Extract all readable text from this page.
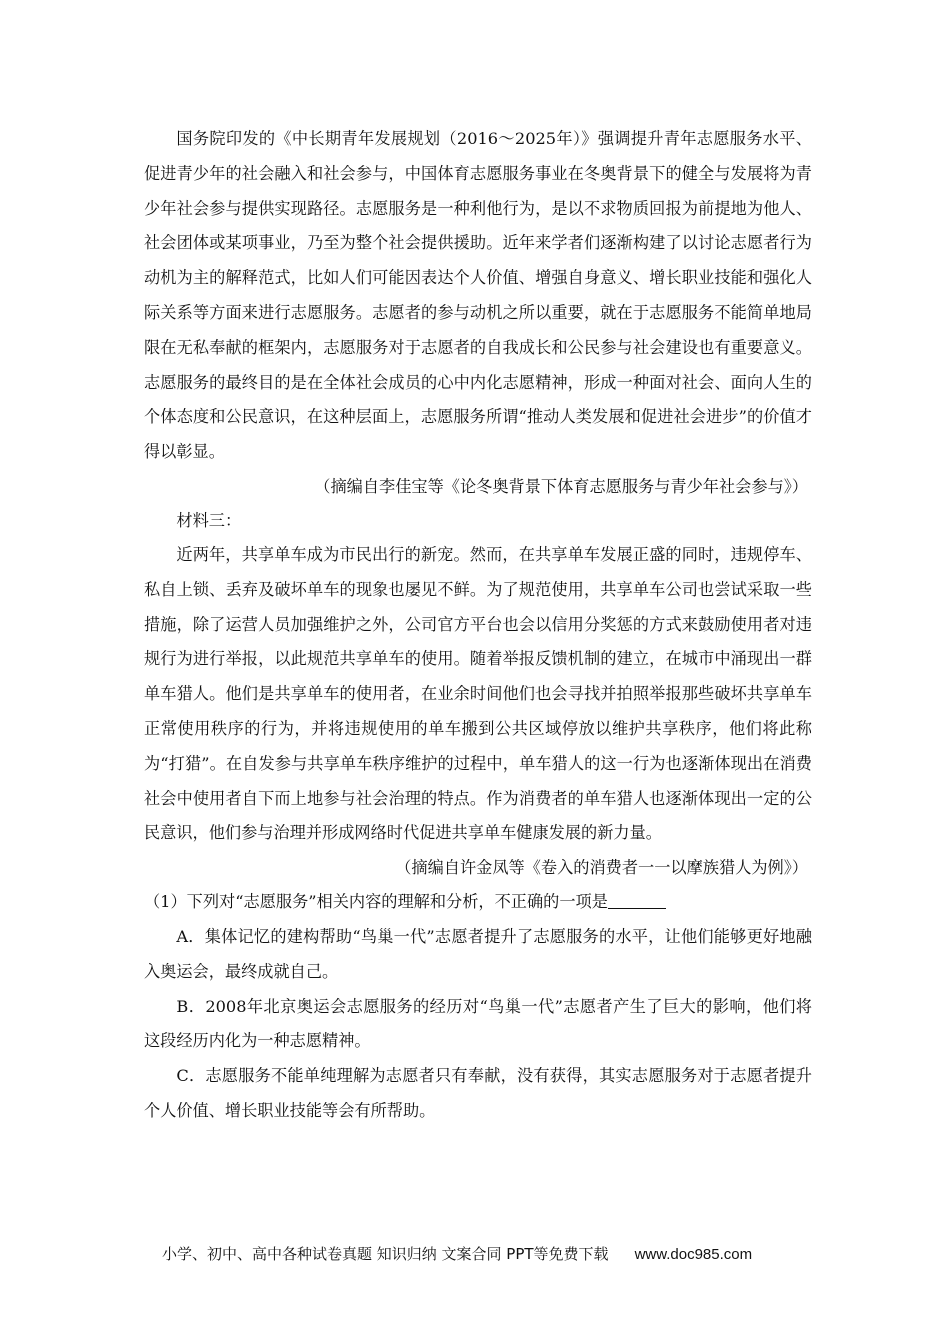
国务院印发的《中长期青年发展规划（2016～2025年）》强调提升青年志愿服务水平、促进青少年的社会融入和社会参与，中国体育志愿服务事业在冬奥背景下的健全与发展将为青少年社会参与提供实现路径。志愿服务是一种利他行为，是以不求物质回报为前提地为他人、社会团体或某项事业，乃至为整个社会提供援助。近年来学者们逐渐构建了以讨论志愿者行为动机为主的解释范式，比如人们可能因表达个人价值、增强自身意义、增长职业技能和强化人际关系等方面来进行志愿服务。志愿者的参与动机之所以重要，就在于志愿服务不能简单地局限在无私奉献的框架内，志愿服务对于志愿者的自我成长和公民参与社会建设也有重要意义。志愿服务的最终目的是在全体社会成员的心中内化志愿精神，形成一种面对社会、面向人生的个体态度和公民意识，在这种层面上，志愿服务所谓“推动人类发展和促进社会进步”的价值才得以彰显。

（摘编自李佳宝等《论冬奥背景下体育志愿服务与青少年社会参与》）

材料三：

近两年，共享单车成为市民出行的新宠。然而，在共享单车发展正盛的同时，违规停车、私自上锁、丢弃及破坏单车的现象也屡见不鲜。为了规范使用，共享单车公司也尝试采取一些措施，除了运营人员加强维护之外，公司官方平台也会以信用分奖惩的方式来鼓励使用者对违规行为进行举报，以此规范共享单车的使用。随着举报反馈机制的建立，在城市中涌现出一群单车猎人。他们是共享单车的使用者，在业余时间他们也会寻找并拍照举报那些破坏共享单车正常使用秩序的行为，并将违规使用的单车搬到公共区域停放以维护共享秩序，他们将此称为“打猎”。在自发参与共享单车秩序维护的过程中，单车猎人的这一行为也逐渐体现出在消费社会中使用者自下而上地参与社会治理的特点。作为消费者的单车猎人也逐渐体现出一定的公民意识，他们参与治理并形成网络时代促进共享单车健康发展的新力量。

（摘编自许金凤等《卷入的消费者一一以摩族猎人为例》）

（1）下列对“志愿服务”相关内容的理解和分析，不正确的一项是

A．集体记忆的建构帮助“鸟巢一代”志愿者提升了志愿服务的水平，让他们能够更好地融入奥运会，最终成就自己。

B．2008年北京奥运会志愿服务的经历对“鸟巢一代”志愿者产生了巨大的影响，他们将这段经历内化为一种志愿精神。

C．志愿服务不能单纯理解为志愿者只有奉献，没有获得，其实志愿服务对于志愿者提升个人价值、增长职业技能等会有所帮助。

小学、初中、高中各种试卷真题 知识归纳 文案合同 PPT等免费下载 www.doc985.com
